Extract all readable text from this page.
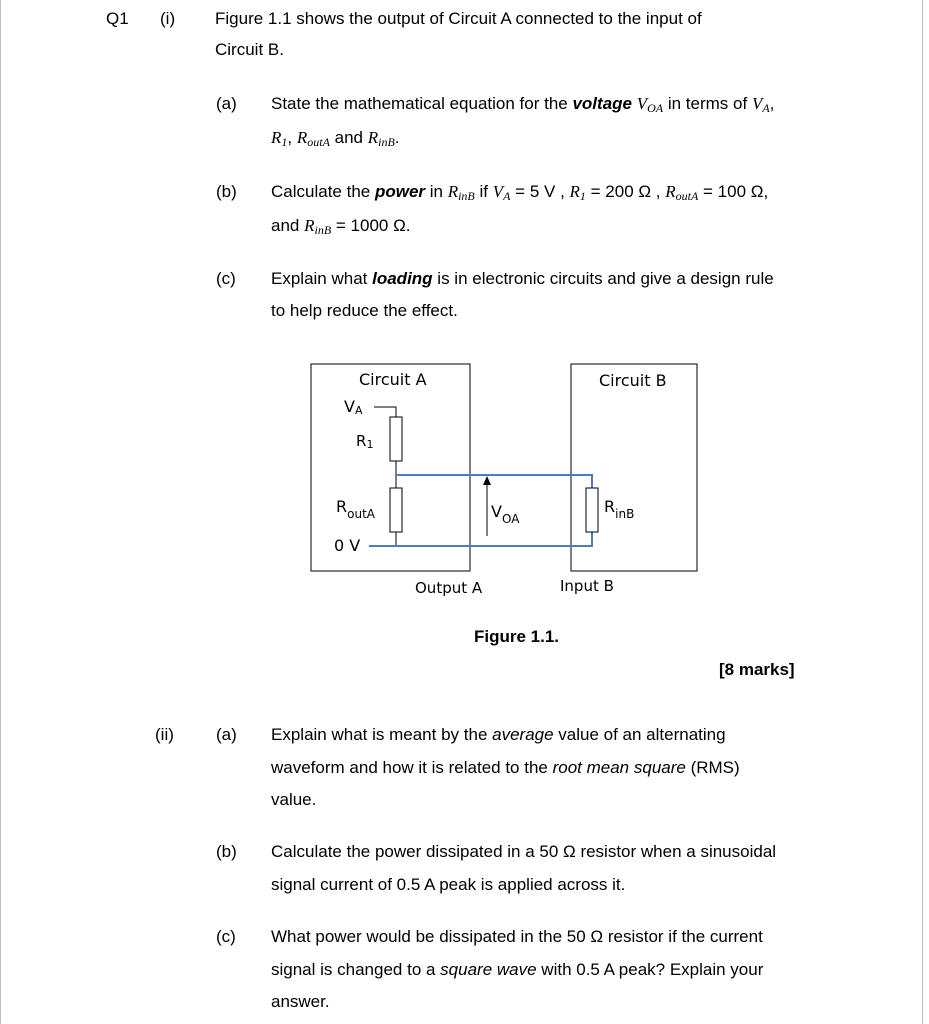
Q1 (i) Figure 1.1 shows the output of Circuit A connected to the input of
Circuit B.
(a) State the mathematical equation for the voltage VOA in terms of VA,
R1, RoutA and RinB.
(b) Calculate the power in RinB if VA = 5 V , R1 = 200 Ω , RoutA = 100 Ω,
and RinB = 1000 Ω.
(c) Explain what loading is in electronic circuits and give a design rule
to help reduce the effect.
Circuit A	Circuit B
VA
R1
$R_{outA}$
0 V
$R_{inB}$
$V_{OA}$
Output A	Input B
Figure 1.1.
[8 marks]
(ii) (a) Explain what is meant by the average value of an alternating
waveform and how it is related to the root mean square (RMS)
value.
(b) Calculate the power dissipated in a 50 Ω resistor when a sinusoidal
signal current of 0.5 A peak is applied across it.
(c) What power would be dissipated in the 50 Ω resistor if the current
signal is changed to a square wave with 0.5 A peak? Explain your
answer.
